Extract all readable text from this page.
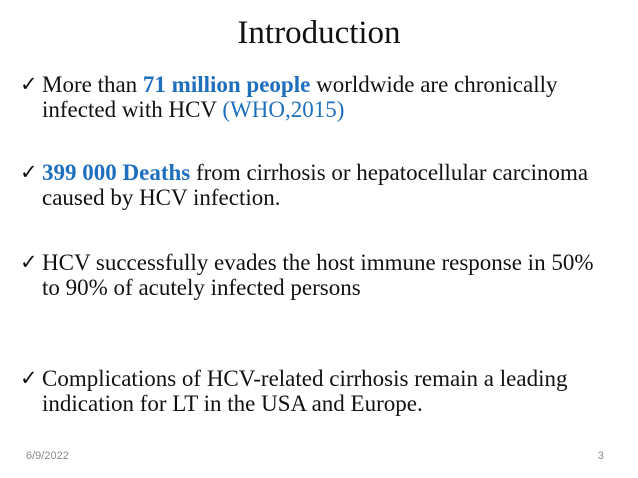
Introduction
✓ More than 71 million people worldwide are chronically infected with HCV (WHO,2015)
✓ 399 000 Deaths from cirrhosis or hepatocellular carcinoma caused by HCV infection.
✓ HCV successfully evades the host immune response in 50% to 90% of acutely infected persons
✓ Complications of HCV-related cirrhosis remain a leading indication for LT in the USA and Europe.
6/9/2022	3
